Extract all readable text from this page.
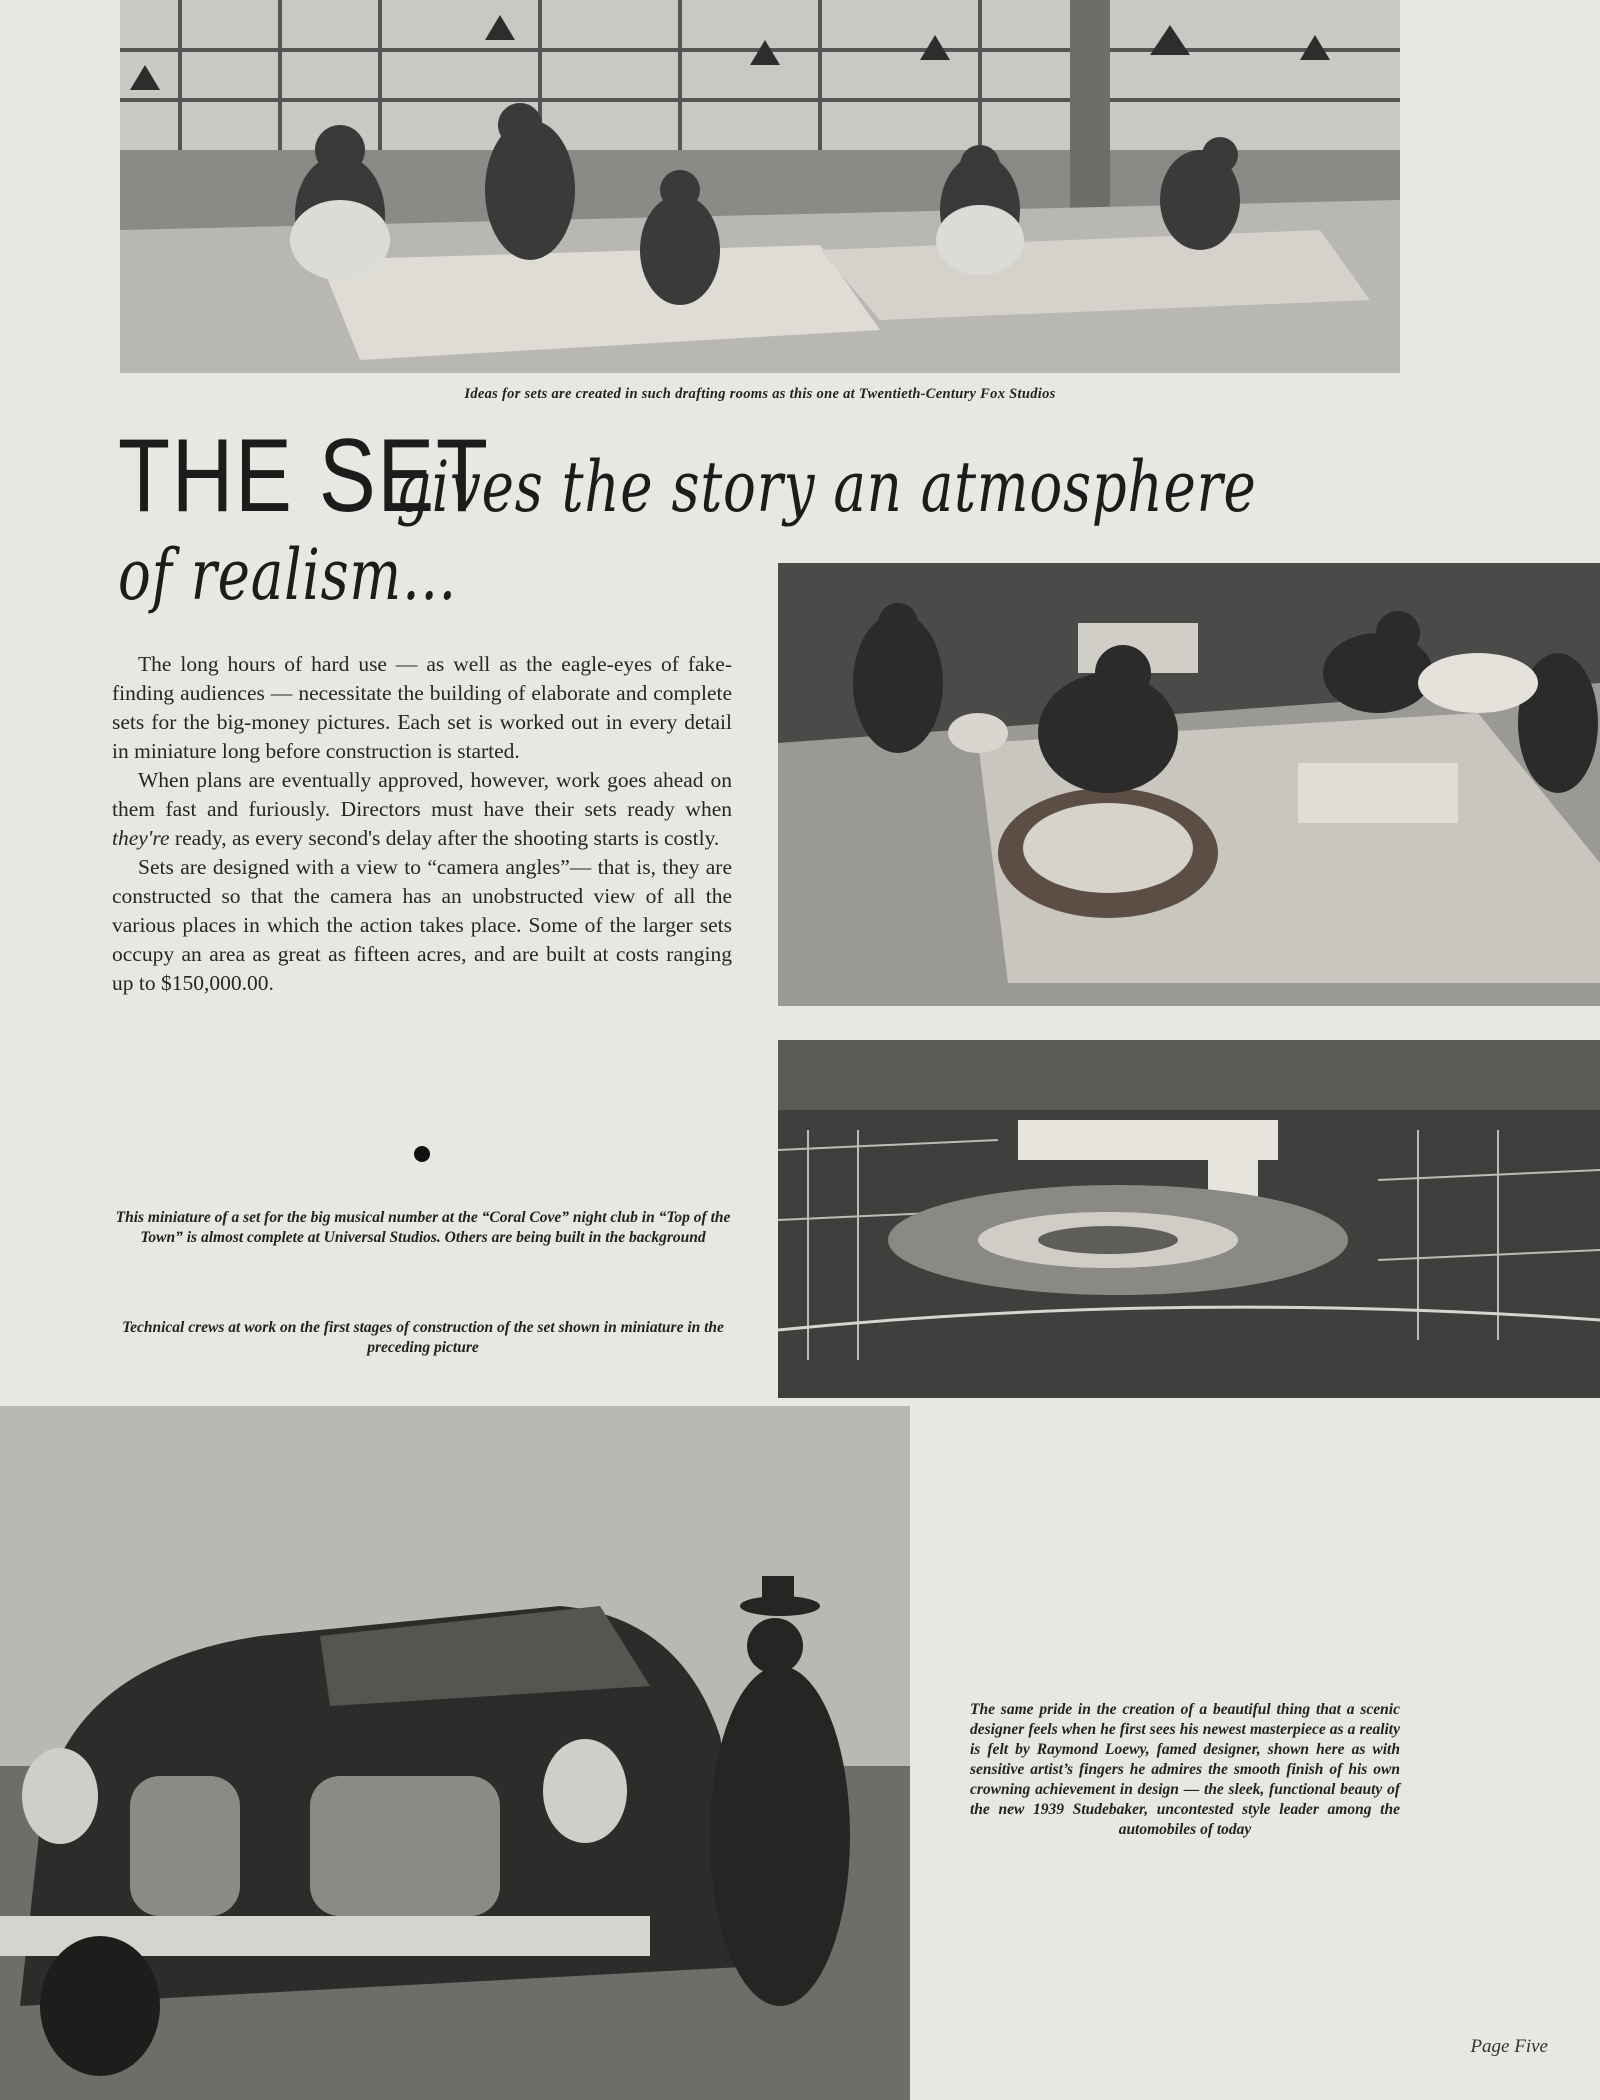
Ideas for sets are created in such drafting rooms as this one at Twentieth-Century Fox Studios
THE SET gives the story an atmosphere
of realism…

The long hours of hard use — as well as the eagle-eyes of fake-finding audiences — necessitate the building of elaborate and complete sets for the big-money pictures. Each set is worked out in every detail in miniature long before construction is started.

When plans are eventually approved, however, work goes ahead on them fast and furiously. Directors must have their sets ready when they're ready, as every second's delay after the shooting starts is costly.

Sets are designed with a view to “camera angles”— that is, they are constructed so that the camera has an unobstructed view of all the various places in which the action takes place. Some of the larger sets occupy an area as great as fifteen acres, and are built at costs ranging up to $150,000.00.

This miniature of a set for the big musical number at the “Coral Cove” night club in “Top of the Town” is almost complete at Universal Studios. Others are being built in the background
Technical crews at work on the first stages of construction of the set shown in miniature in the preceding picture
The same pride in the creation of a beautiful thing that a scenic designer feels when he first sees his newest masterpiece as a reality is felt by Raymond Loewy, famed designer, shown here as with sensitive artist’s fingers he admires the smooth finish of his own crowning achievement in design — the sleek, functional beauty of the new 1939 Studebaker, uncontested style leader among the automobiles of today
Page Five
